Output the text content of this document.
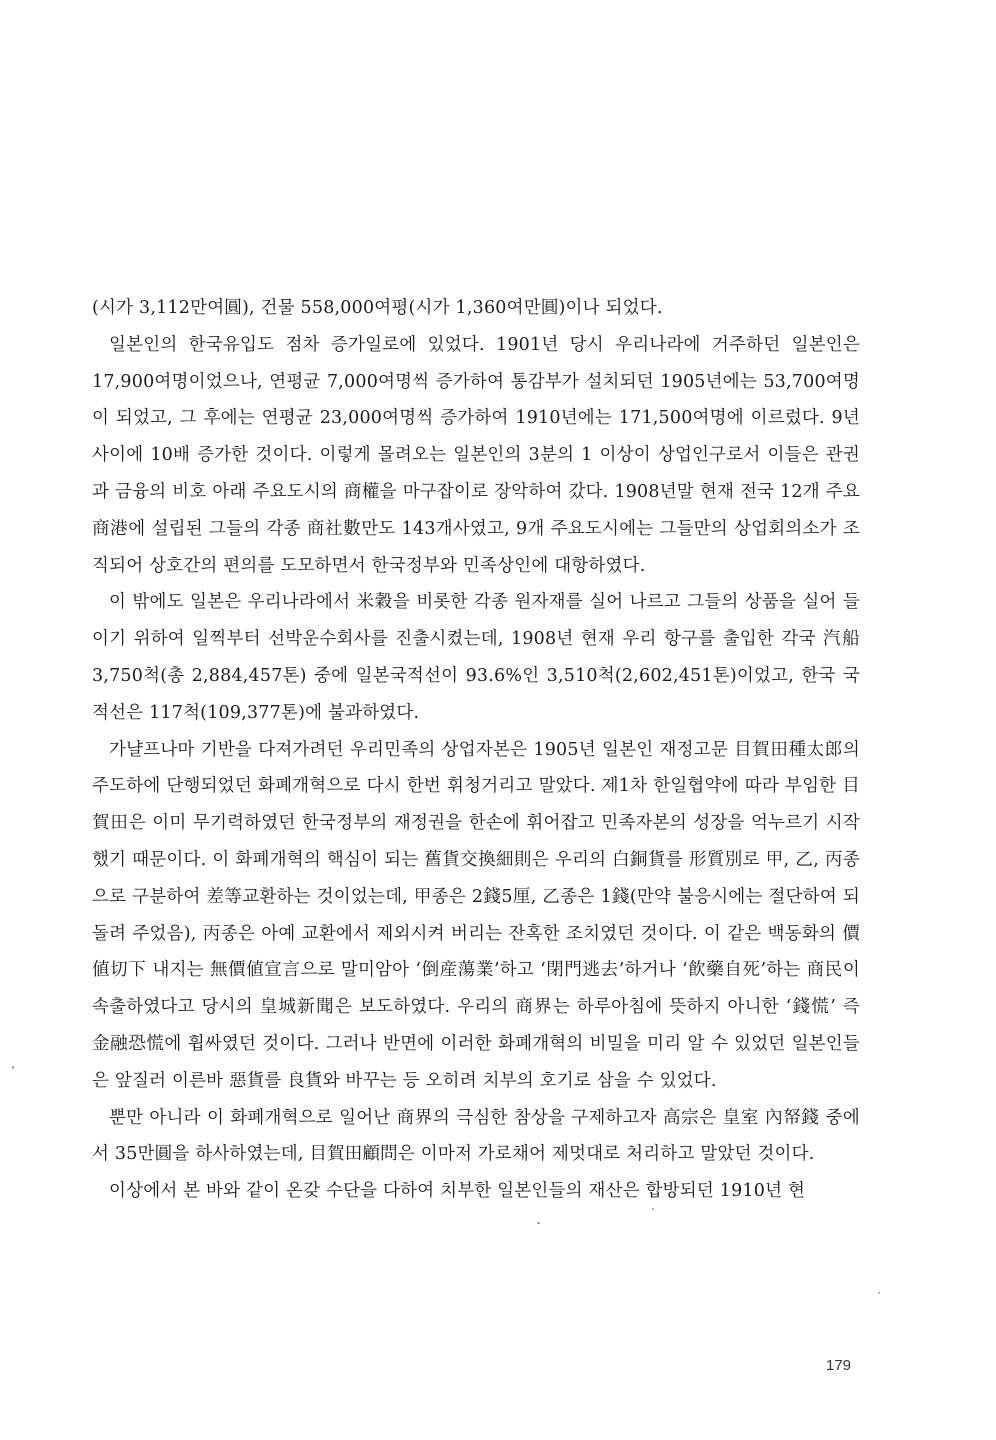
(시가 3,112만여圓), 건물 558,000여평(시가 1,360여만圓)이나 되었다.

일본인의 한국유입도 점차 증가일로에 있었다. 1901년 당시 우리나라에 거주하던 일본인은 17,900여명이었으나, 연평균 7,000여명씩 증가하여 통감부가 설치되던 1905년에는 53,700여명이 되었고, 그 후에는 연평균 23,000여명씩 증가하여 1910년에는 171,500여명에 이르렀다. 9년 사이에 10배 증가한 것이다. 이렇게 몰려오는 일본인의 3분의 1 이상이 상업인구로서 이들은 관권과 금융의 비호 아래 주요도시의 商權을 마구잡이로 장악하여 갔다. 1908년말 현재 전국 12개 주요商港에 설립된 그들의 각종 商社數만도 143개사였고, 9개 주요도시에는 그들만의 상업회의소가 조직되어 상호간의 편의를 도모하면서 한국정부와 민족상인에 대항하였다.

이 밖에도 일본은 우리나라에서 米穀을 비롯한 각종 원자재를 실어 나르고 그들의 상품을 실어 들이기 위하여 일찍부터 선박운수회사를 진출시켰는데, 1908년 현재 우리 항구를 출입한 각국 汽船 3,750척(총 2,884,457톤) 중에 일본국적선이 93.6%인 3,510척(2,602,451톤)이었고, 한국 국적선은 117척(109,377톤)에 불과하였다.

가냘프나마 기반을 다져가려던 우리민족의 상업자본은 1905년 일본인 재정고문 目賀田種太郎의 주도하에 단행되었던 화폐개혁으로 다시 한번 휘청거리고 말았다. 제1차 한일협약에 따라 부임한 目賀田은 이미 무기력하였던 한국정부의 재정권을 한손에 휘어잡고 민족자본의 성장을 억누르기 시작했기 때문이다. 이 화폐개혁의 핵심이 되는 舊貨交換細則은 우리의 白銅貨를 形質別로 甲, 乙, 丙종으로 구분하여 差等교환하는 것이었는데, 甲종은 2錢5厘, 乙종은 1錢(만약 불응시에는 절단하여 되돌려 주었음), 丙종은 아예 교환에서 제외시켜 버리는 잔혹한 조치였던 것이다. 이 같은 백동화의 價値切下 내지는 無價値宣言으로 말미암아 ‘倒産蕩業’하고 ‘閉門逃去’하거나 ‘飮藥自死’하는 商民이 속출하였다고 당시의 皇城新聞은 보도하였다. 우리의 商界는 하루아침에 뜻하지 아니한 ‘錢慌’ 즉 金融恐慌에 휩싸였던 것이다. 그러나 반면에 이러한 화폐개혁의 비밀을 미리 알 수 있었던 일본인들은 앞질러 이른바 惡貨를 良貨와 바꾸는 등 오히려 치부의 호기로 삼을 수 있었다.

뿐만 아니라 이 화폐개혁으로 일어난 商界의 극심한 참상을 구제하고자 高宗은 皇室 內帑錢 중에서 35만圓을 하사하였는데, 目賀田顧問은 이마저 가로채어 제멋대로 처리하고 말았던 것이다.

이상에서 본 바와 같이 온갖 수단을 다하여 치부한 일본인들의 재산은 합방되던 1910년 현

179
